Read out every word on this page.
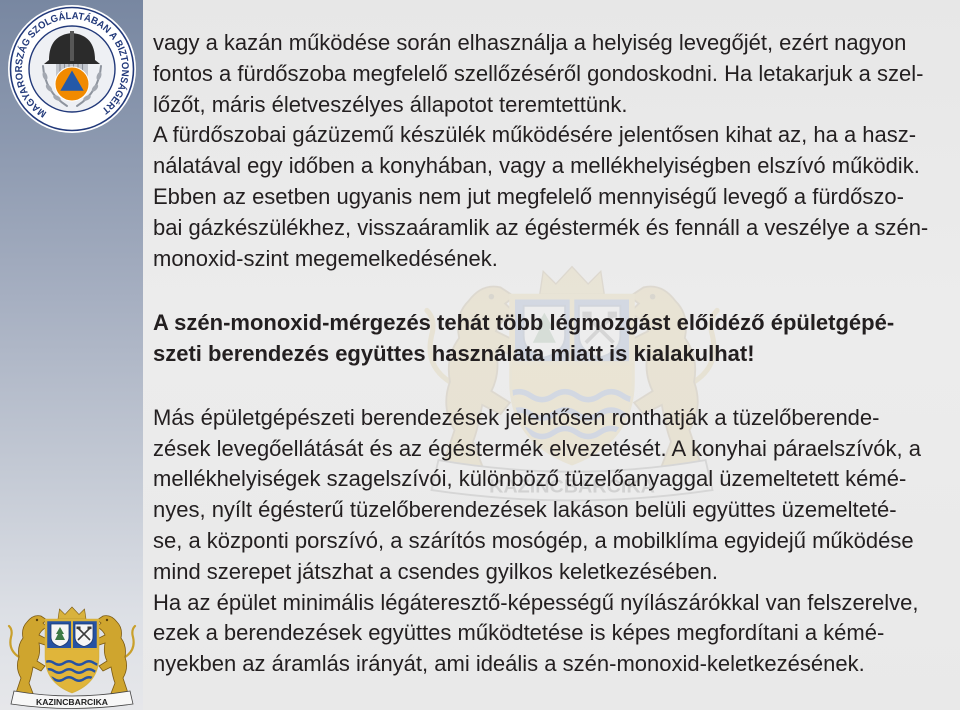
MAGYARORSZÁG SZOLGÁLATÁBAN A BIZTONSÁGÉRT
vagy a kazán működése során elhasználja a helyiség levegőjét, ezért nagyon
fontos a fürdőszoba megfelelő szellőzéséről gondoskodni. Ha letakarjuk a szel-
lőzőt, máris életveszélyes állapotot teremtettünk.
A fürdőszobai gázüzemű készülék működésére jelentősen kihat az, ha a hasz-
nálatával egy időben a konyhában, vagy a mellékhelyiségben elszívó működik.
Ebben az esetben ugyanis nem jut megfelelő mennyiségű levegő a fürdőszo-
bai gázkészülékhez, visszaáramlik az égéstermék és fennáll a veszélye a szén-
monoxid-szint megemelkedésének.
A szén-monoxid-mérgezés tehát több légmozgást előidéző épületgépé-
szeti berendezés együttes használata miatt is kialakulhat!
Más épületgépészeti berendezések jelentősen ronthatják a tüzelőberende-
zések levegőellátását és az égéstermék elvezetését. A konyhai páraelszívók, a
mellékhelyiségek szagelszívói, különböző tüzelőanyaggal üzemeltetett kémé-
nyes, nyílt égésterű tüzelőberendezések lakáson belüli együttes üzemelteté-
se, a központi porszívó, a szárítós mosógép, a mobilklíma egyidejű működése
mind szerepet játszhat a csendes gyilkos keletkezésében.
Ha az épület minimális légáteresztő-képességű nyílászárókkal van felszerelve,
ezek a berendezések együttes működtetése is képes megfordítani a kémé-
nyekben az áramlás irányát, ami ideális a szén-monoxid-keletkezésének.
